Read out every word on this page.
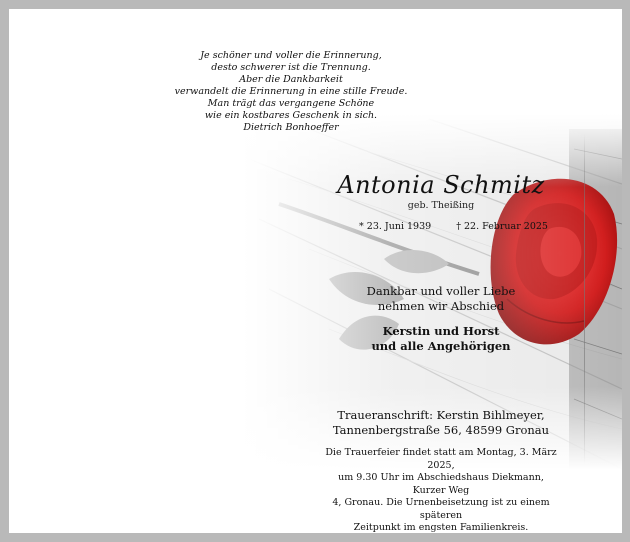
Je schöner und voller die Erinnerung,
desto schwerer ist die Trennung.
Aber die Dankbarkeit
verwandelt die Erinnerung in eine stille Freude.
Man trägt das vergangene Schöne
wie ein kostbares Geschenk in sich.
Dietrich Bonhoeffer
Antonia Schmitz
geb. Theißing
* 23. Juni 1939	† 22. Februar 2025
Dankbar und voller Liebe
nehmen wir Abschied
Kerstin und Horst
und alle Angehörigen
Traueranschrift: Kerstin Bihlmeyer,
Tannenbergstraße 56, 48599 Gronau
Die Trauerfeier findet statt am Montag, 3. März 2025,
um 9.30 Uhr im Abschiedshaus Diekmann, Kurzer Weg
4, Gronau. Die Urnenbeisetzung ist zu einem späteren
Zeitpunkt im engsten Familienkreis.
